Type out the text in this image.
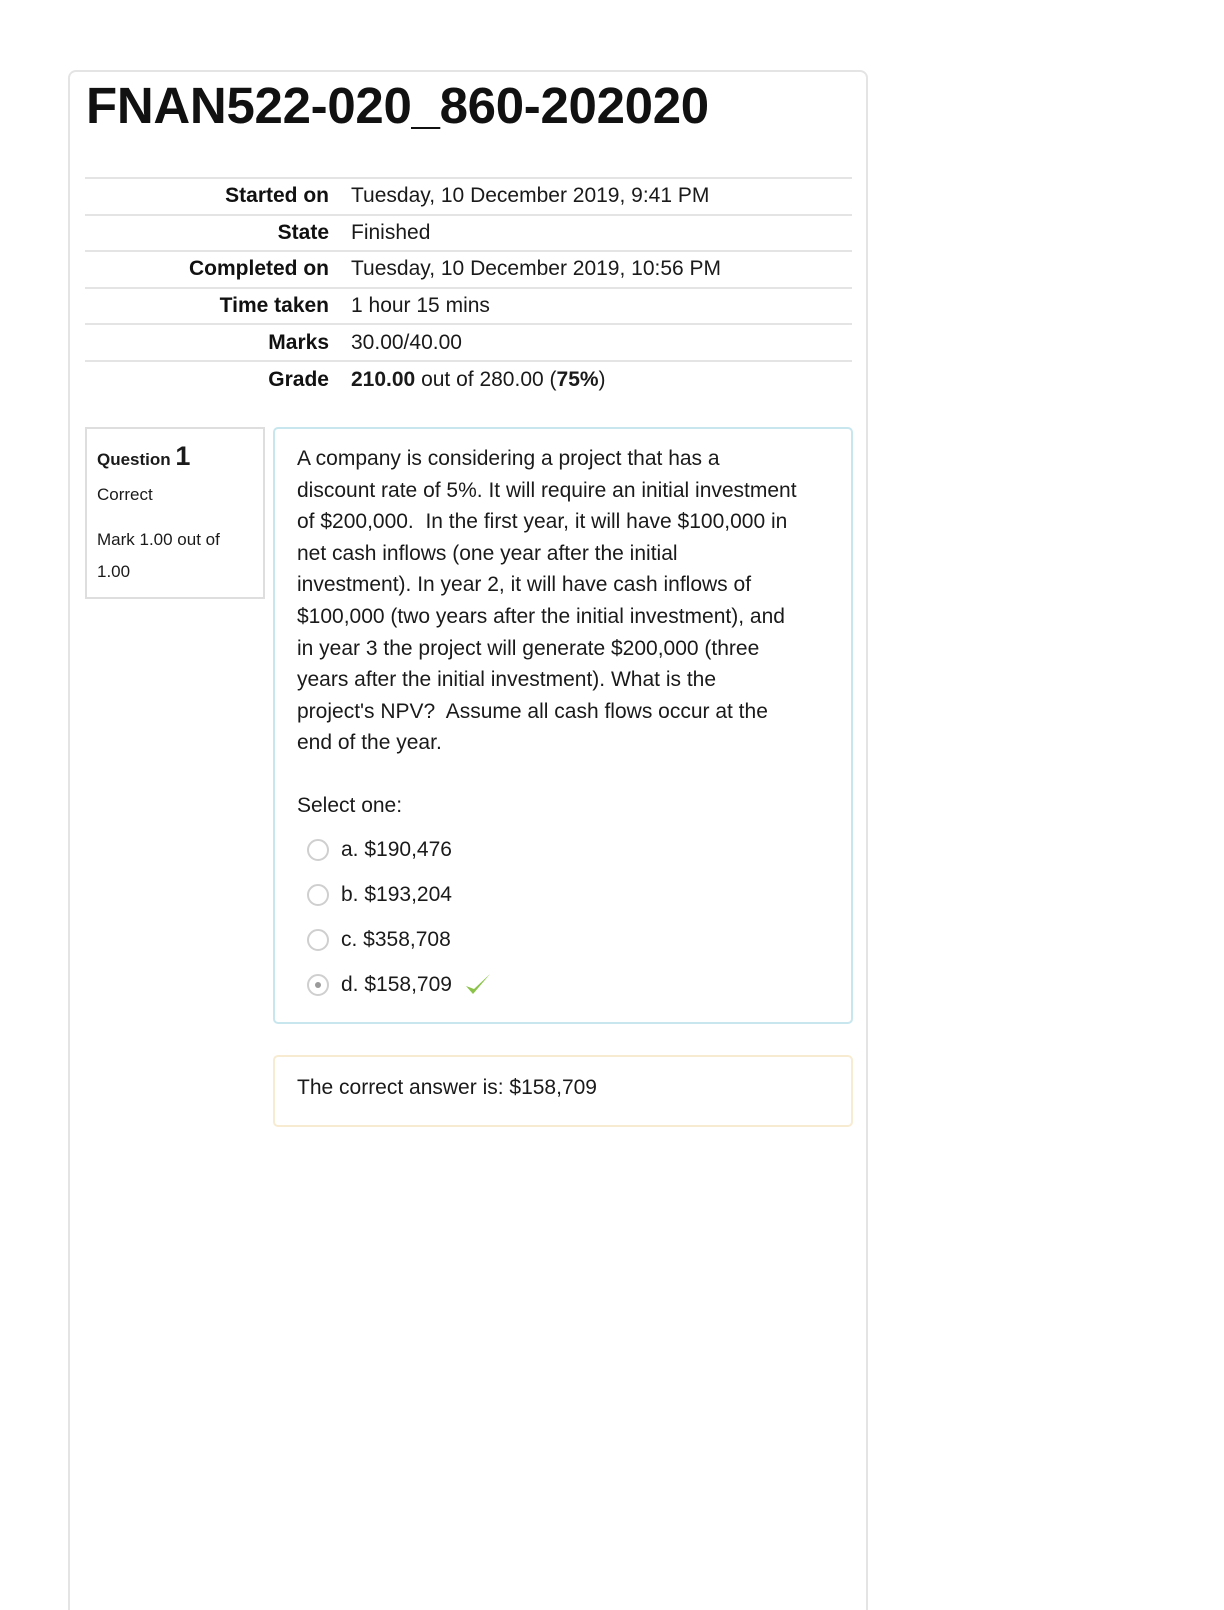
FNAN522-020_860-202020
Started on	Tuesday, 10 December 2019, 9:41 PM
State	Finished
Completed on	Tuesday, 10 December 2019, 10:56 PM
Time taken	1 hour 15 mins
Marks	30.00/40.00
Grade	210.00 out of 280.00 (75%)

Question 1

Correct

Mark 1.00 out of 1.00

A company is considering a project that has a discount rate of 5%. It will require an initial investment of $200,000.  In the first year, it will have $100,000 in net cash inflows (one year after the initial investment). In year 2, it will have cash inflows of $100,000 (two years after the initial investment), and in year 3 the project will generate $200,000 (three years after the initial investment). What is the project's NPV?  Assume all cash flows occur at the end of the year.

Select one:

a. $190,476
b. $193,204
c. $358,708
d. $158,709
The correct answer is: $158,709
